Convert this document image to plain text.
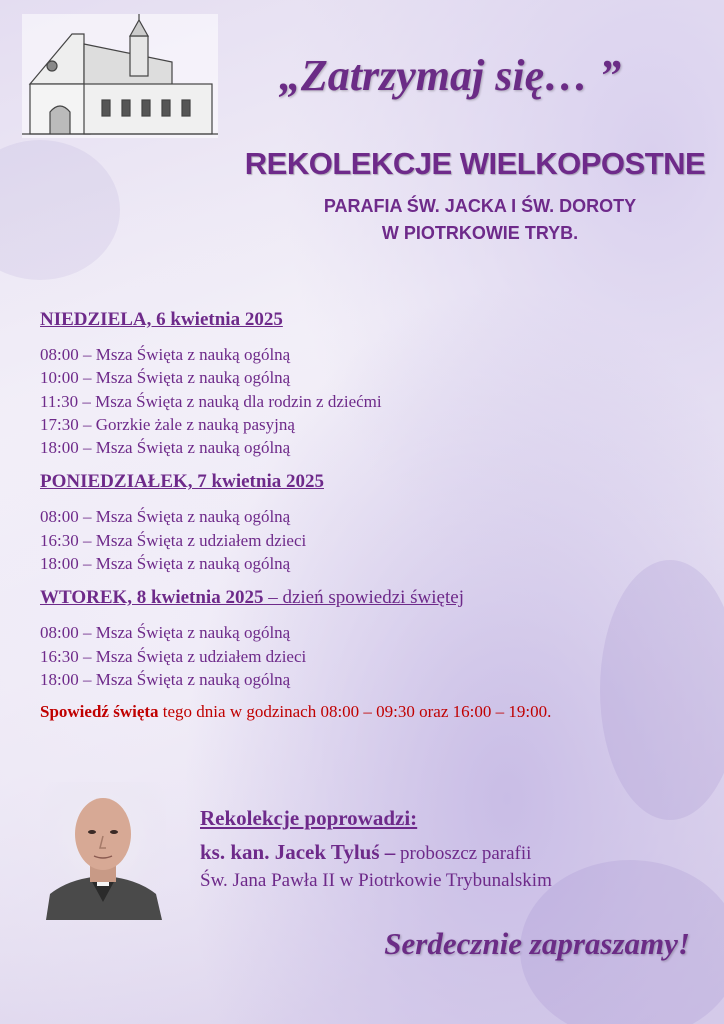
„Zatrzymaj się… ”
REKOLEKCJE WIELKOPOSTNE
PARAFIA ŚW. JACKA I ŚW. DOROTY
W PIOTRKOWIE TRYB.
NIEDZIELA, 6 kwietnia 2025
08:00 – Msza Święta z nauką ogólną
10:00 – Msza Święta z nauką ogólną
11:30 – Msza Święta z nauką dla rodzin z dziećmi
17:30 – Gorzkie żale z nauką pasyjną
18:00 – Msza Święta z nauką ogólną
PONIEDZIAŁEK, 7 kwietnia 2025
08:00 – Msza Święta z nauką ogólną
16:30 – Msza Święta z udziałem dzieci
18:00 – Msza Święta z nauką ogólną
WTOREK, 8 kwietnia 2025 – dzień spowiedzi świętej
08:00 – Msza Święta z nauką ogólną
16:30 – Msza Święta z udziałem dzieci
18:00 – Msza Święta z nauką ogólną
Spowiedź święta tego dnia w godzinach 08:00 – 09:30 oraz 16:00 – 19:00.
Rekolekcje poprowadzi:
ks. kan. Jacek Tyluś – proboszcz parafii
Św. Jana Pawła II w Piotrkowie Trybunalskim
Serdecznie zapraszamy!
